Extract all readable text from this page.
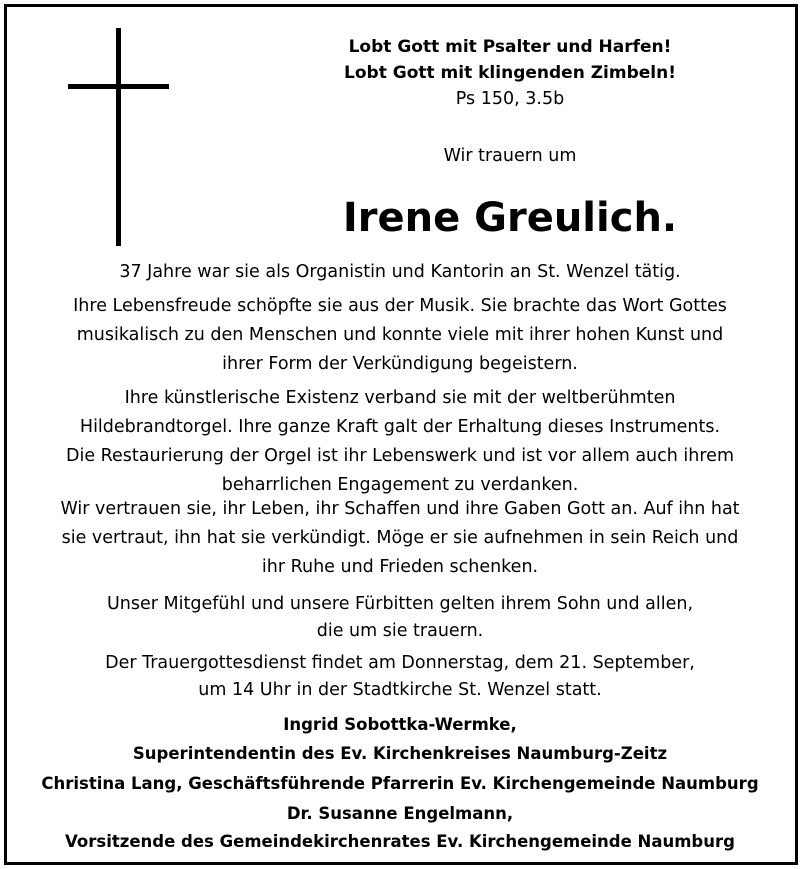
Lobt Gott mit Psalter und Harfen!
Lobt Gott mit klingenden Zimbeln!
Ps 150, 3.5b
Wir trauern um
Irene Greulich.
37 Jahre war sie als Organistin und Kantorin an St. Wenzel tätig.
Ihre Lebensfreude schöpfte sie aus der Musik. Sie brachte das Wort Gottes
musikalisch zu den Menschen und konnte viele mit ihrer hohen Kunst und
ihrer Form der Verkündigung begeistern.
Ihre künstlerische Existenz verband sie mit der weltberühmten
Hildebrandtorgel. Ihre ganze Kraft galt der Erhaltung dieses Instruments.
Die Restaurierung der Orgel ist ihr Lebenswerk und ist vor allem auch ihrem
beharrlichen Engagement zu verdanken.
Wir vertrauen sie, ihr Leben, ihr Schaffen und ihre Gaben Gott an. Auf ihn hat
sie vertraut, ihn hat sie verkündigt. Möge er sie aufnehmen in sein Reich und
ihr Ruhe und Frieden schenken.
Unser Mitgefühl und unsere Fürbitten gelten ihrem Sohn und allen,
die um sie trauern.
Der Trauergottesdienst findet am Donnerstag, dem 21. September,
um 14 Uhr in der Stadtkirche St. Wenzel statt.
Ingrid Sobottka-Wermke,
Superintendentin des Ev. Kirchenkreises Naumburg-Zeitz
Christina Lang, Geschäftsführende Pfarrerin Ev. Kirchengemeinde Naumburg
Dr. Susanne Engelmann,
Vorsitzende des Gemeindekirchenrates Ev. Kirchengemeinde Naumburg
